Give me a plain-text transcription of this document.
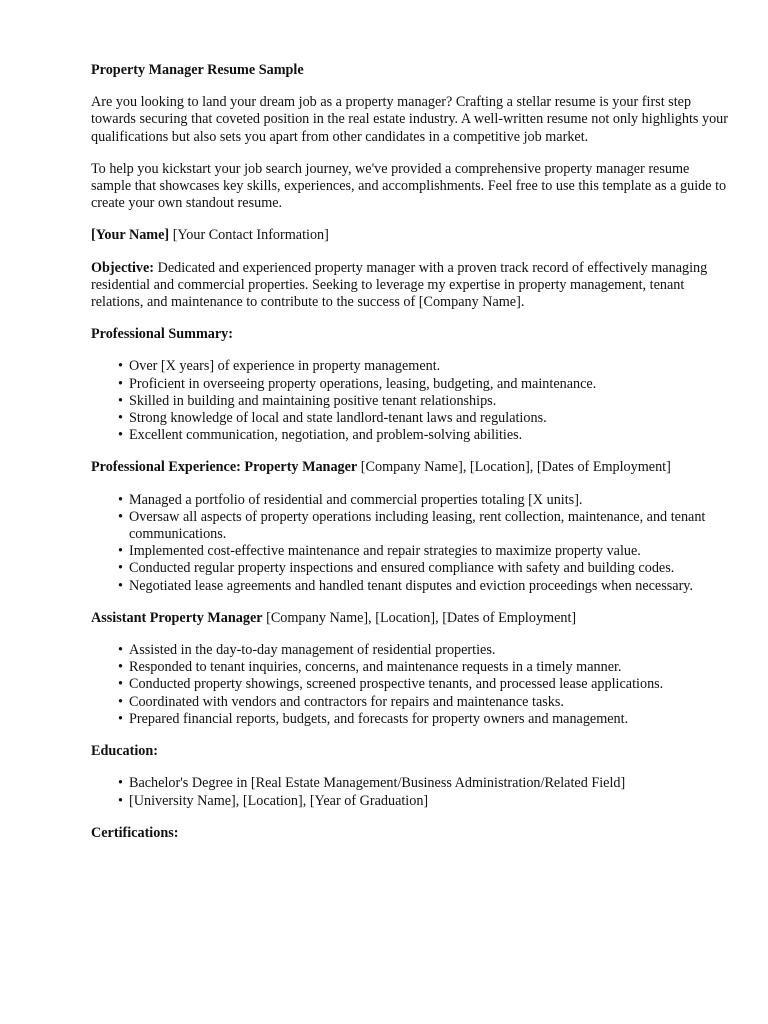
Property Manager Resume Sample

Are you looking to land your dream job as a property manager? Crafting a stellar resume is your first step towards securing that coveted position in the real estate industry. A well-written resume not only highlights your qualifications but also sets you apart from other candidates in a competitive job market.

To help you kickstart your job search journey, we've provided a comprehensive property manager resume sample that showcases key skills, experiences, and accomplishments. Feel free to use this template as a guide to create your own standout resume.

[Your Name] [Your Contact Information]

Objective: Dedicated and experienced property manager with a proven track record of effectively managing residential and commercial properties. Seeking to leverage my expertise in property management, tenant relations, and maintenance to contribute to the success of [Company Name].

Professional Summary:
• Over [X years] of experience in property management.
• Proficient in overseeing property operations, leasing, budgeting, and maintenance.
• Skilled in building and maintaining positive tenant relationships.
• Strong knowledge of local and state landlord-tenant laws and regulations.
• Excellent communication, negotiation, and problem-solving abilities.
Professional Experience: Property Manager [Company Name], [Location], [Dates of Employment]
• Managed a portfolio of residential and commercial properties totaling [X units].
• Oversaw all aspects of property operations including leasing, rent collection, maintenance, and tenant communications.
• Implemented cost-effective maintenance and repair strategies to maximize property value.
• Conducted regular property inspections and ensured compliance with safety and building codes.
• Negotiated lease agreements and handled tenant disputes and eviction proceedings when necessary.
Assistant Property Manager [Company Name], [Location], [Dates of Employment]
• Assisted in the day-to-day management of residential properties.
• Responded to tenant inquiries, concerns, and maintenance requests in a timely manner.
• Conducted property showings, screened prospective tenants, and processed lease applications.
• Coordinated with vendors and contractors for repairs and maintenance tasks.
• Prepared financial reports, budgets, and forecasts for property owners and management.
Education:
• Bachelor's Degree in [Real Estate Management/Business Administration/Related Field]
• [University Name], [Location], [Year of Graduation]
Certifications:
